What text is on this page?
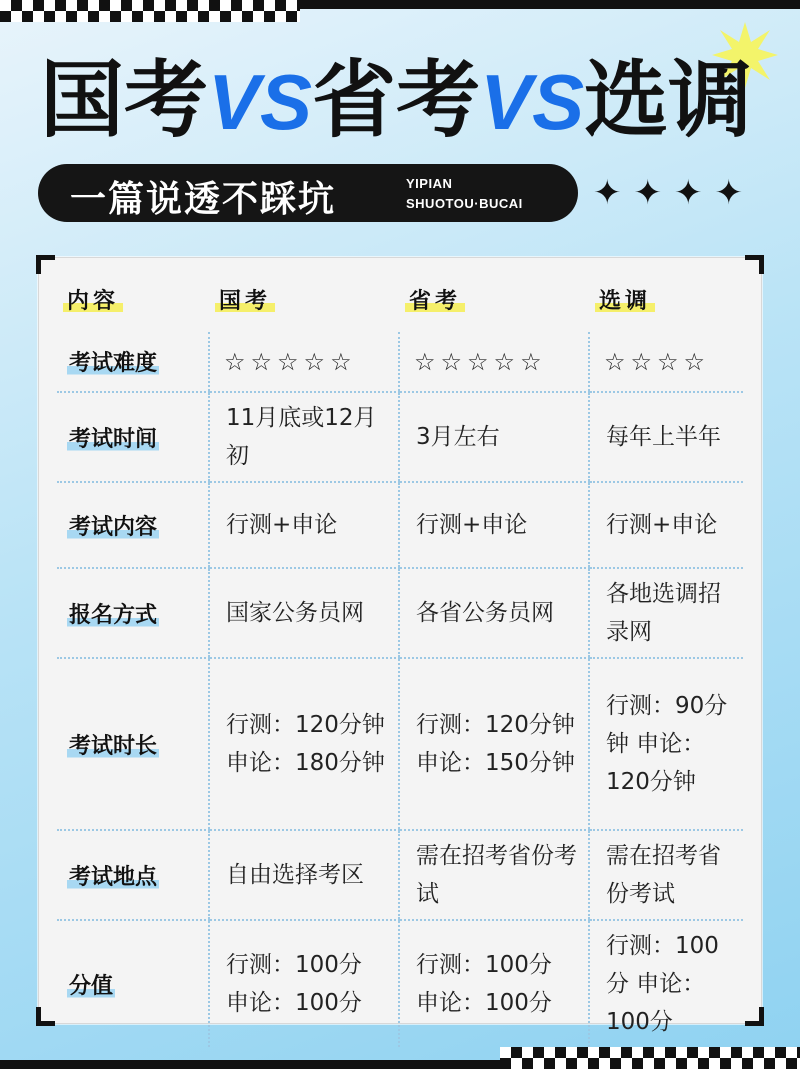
国考VS省考VS选调
一篇说透不踩坑	YIPIAN
SHUOTOU·BUCAI ✦✦✦✦
内容	国考	省考	选调
考试难度	☆☆☆☆☆	☆☆☆☆☆	☆☆☆☆

考试时间	11月底或12月初	3月左右	每年上半年

考试内容	行测+申论	行测+申论	行测+申论

报名方式	国家公务员网	各省公务员网	各地选调招录网

考试时长	行测：120分钟 申论：180分钟	行测：120分钟 申论：150分钟	行测：90分钟 申论：120分钟

考试地点	自由选择考区	需在招考省份考试	需在招考省份考试

分值	行测：100分 申论：100分	行测：100分 申论：100分	行测：100分 申论：100分
